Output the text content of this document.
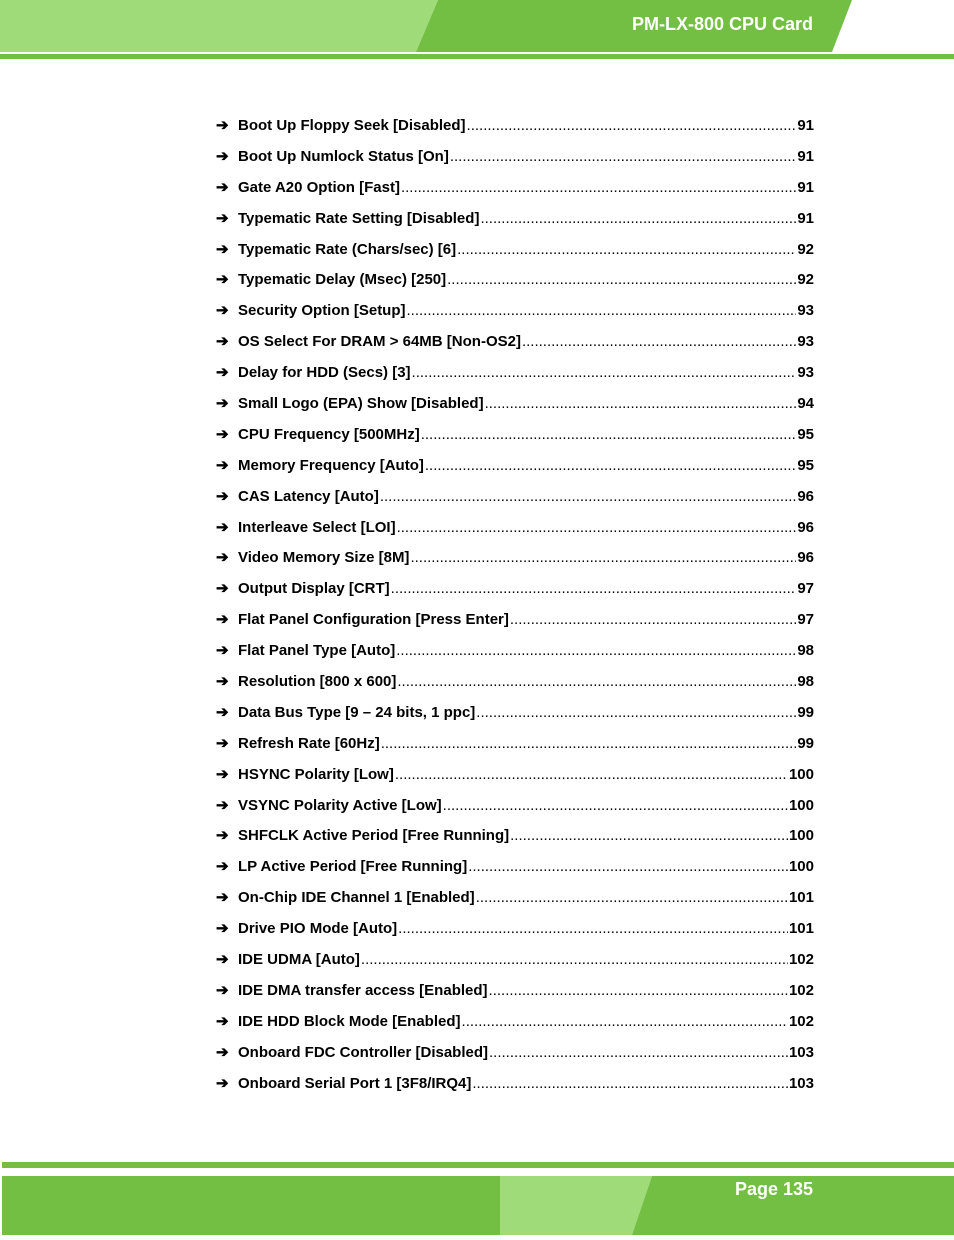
PM-LX-800 CPU Card
➔ Boot Up Floppy Seek [Disabled] .....	91
➔ Boot Up Numlock Status [On] .....	91
➔ Gate A20 Option [Fast] .....	91
➔ Typematic Rate Setting [Disabled] .....	91
➔ Typematic Rate (Chars/sec) [6] .....	92
➔ Typematic Delay (Msec) [250] .....	92
➔ Security Option [Setup] .....	93
➔ OS Select For DRAM > 64MB [Non-OS2] .....	93
➔ Delay for HDD (Secs) [3] .....	93
➔ Small Logo (EPA) Show [Disabled] .....	94
➔ CPU Frequency [500MHz] .....	95
➔ Memory Frequency [Auto] .....	95
➔ CAS Latency [Auto] .....	96
➔ Interleave Select [LOI] .....	96
➔ Video Memory Size [8M] .....	96
➔ Output Display [CRT] .....	97
➔ Flat Panel Configuration [Press Enter] .....	97
➔ Flat Panel Type [Auto] .....	98
➔ Resolution [800 x 600] .....	98
➔ Data Bus Type [9 – 24 bits, 1 ppc] .....	99
➔ Refresh Rate [60Hz] .....	99
➔ HSYNC Polarity [Low] .....	100
➔ VSYNC Polarity Active [Low] .....	100
➔ SHFCLK Active Period [Free Running] .....	100
➔ LP Active Period [Free Running] .....	100
➔ On-Chip IDE Channel 1 [Enabled] .....	101
➔ Drive PIO Mode [Auto] .....	101
➔ IDE UDMA [Auto] .....	102
➔ IDE DMA transfer access [Enabled] .....	102
➔ IDE HDD Block Mode [Enabled] .....	102
➔ Onboard FDC Controller [Disabled] .....	103
➔ Onboard Serial Port 1 [3F8/IRQ4] .....	103
Page 135
